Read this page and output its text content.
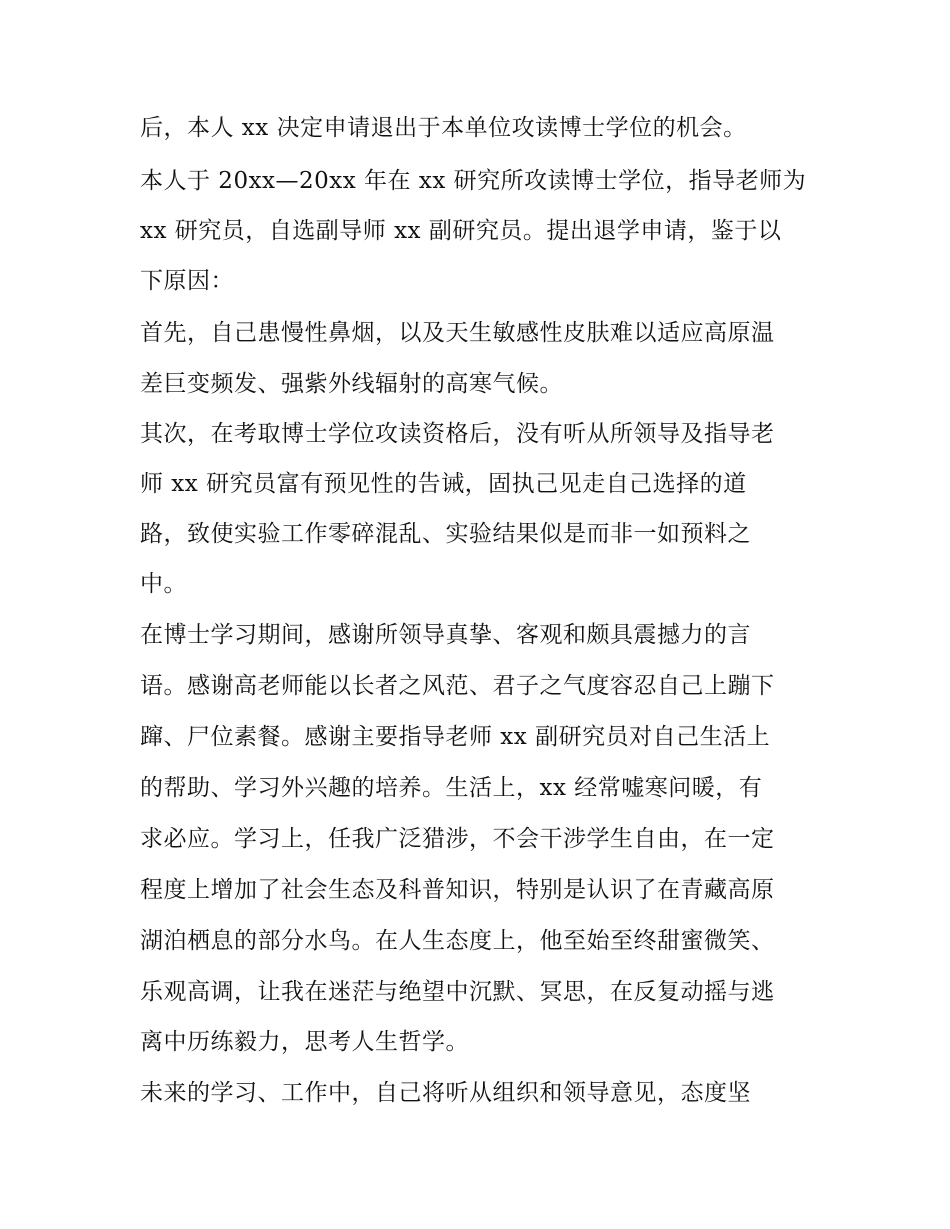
后，本人 xx 决定申请退出于本单位攻读博士学位的机会。
本人于 20xx—20xx 年在 xx 研究所攻读博士学位，指导老师为
xx 研究员，自选副导师 xx 副研究员。提出退学申请，鉴于以
下原因：
首先，自己患慢性鼻烟，以及天生敏感性皮肤难以适应高原温
差巨变频发、强紫外线辐射的高寒气候。
其次，在考取博士学位攻读资格后，没有听从所领导及指导老
师 xx 研究员富有预见性的告诫，固执己见走自己选择的道
路，致使实验工作零碎混乱、实验结果似是而非一如预料之
中。
在博士学习期间，感谢所领导真挚、客观和颇具震撼力的言
语。感谢高老师能以长者之风范、君子之气度容忍自己上蹦下
蹿、尸位素餐。感谢主要指导老师 xx 副研究员对自己生活上
的帮助、学习外兴趣的培养。生活上，xx 经常嘘寒问暖，有
求必应。学习上，任我广泛猎涉，不会干涉学生自由，在一定
程度上增加了社会生态及科普知识，特别是认识了在青藏高原
湖泊栖息的部分水鸟。在人生态度上，他至始至终甜蜜微笑、
乐观高调，让我在迷茫与绝望中沉默、冥思，在反复动摇与逃
离中历练毅力，思考人生哲学。
未来的学习、工作中，自己将听从组织和领导意见，态度坚
